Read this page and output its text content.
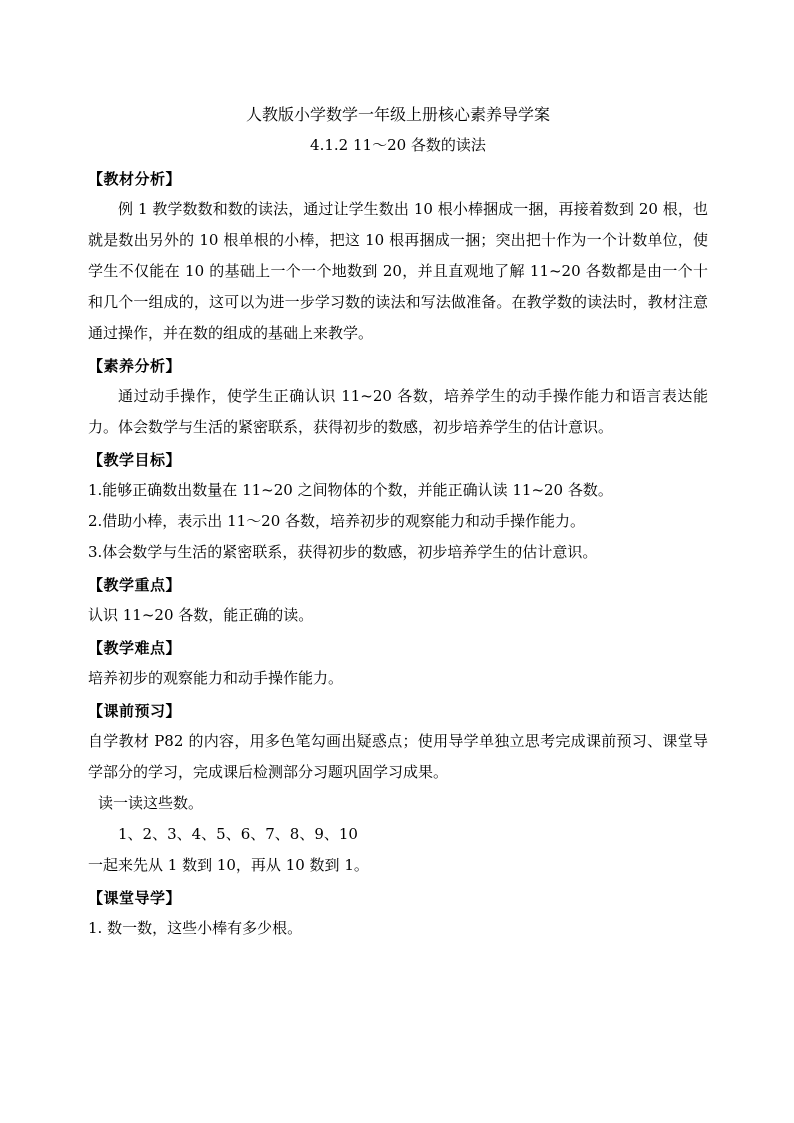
人教版小学数学一年级上册核心素养导学案

4.1.2 11～20 各数的读法

【教材分析】

例 1 教学数数和数的读法，通过让学生数出 10 根小棒捆成一捆，再接着数到 20 根，也就是数出另外的 10 根单根的小棒，把这 10 根再捆成一捆；突出把十作为一个计数单位，使学生不仅能在 10 的基础上一个一个地数到 20，并且直观地了解 11~20 各数都是由一个十和几个一组成的，这可以为进一步学习数的读法和写法做准备。在教学数的读法时，教材注意通过操作，并在数的组成的基础上来教学。

【素养分析】

通过动手操作，使学生正确认识 11~20 各数，培养学生的动手操作能力和语言表达能力。体会数学与生活的紧密联系，获得初步的数感，初步培养学生的估计意识。

【教学目标】

1.能够正确数出数量在 11~20 之间物体的个数，并能正确认读 11~20 各数。

2.借助小棒，表示出 11～20 各数，培养初步的观察能力和动手操作能力。

3.体会数学与生活的紧密联系，获得初步的数感，初步培养学生的估计意识。

【教学重点】

认识 11~20 各数，能正确的读。

【教学难点】

培养初步的观察能力和动手操作能力。

【课前预习】

自学教材 P82 的内容，用多色笔勾画出疑惑点；使用导学单独立思考完成课前预习、课堂导学部分的学习，完成课后检测部分习题巩固学习成果。

读一读这些数。

1、2、3、4、5、6、7、8、9、10

一起来先从 1 数到 10，再从 10 数到 1。

【课堂导学】

1. 数一数，这些小棒有多少根。
